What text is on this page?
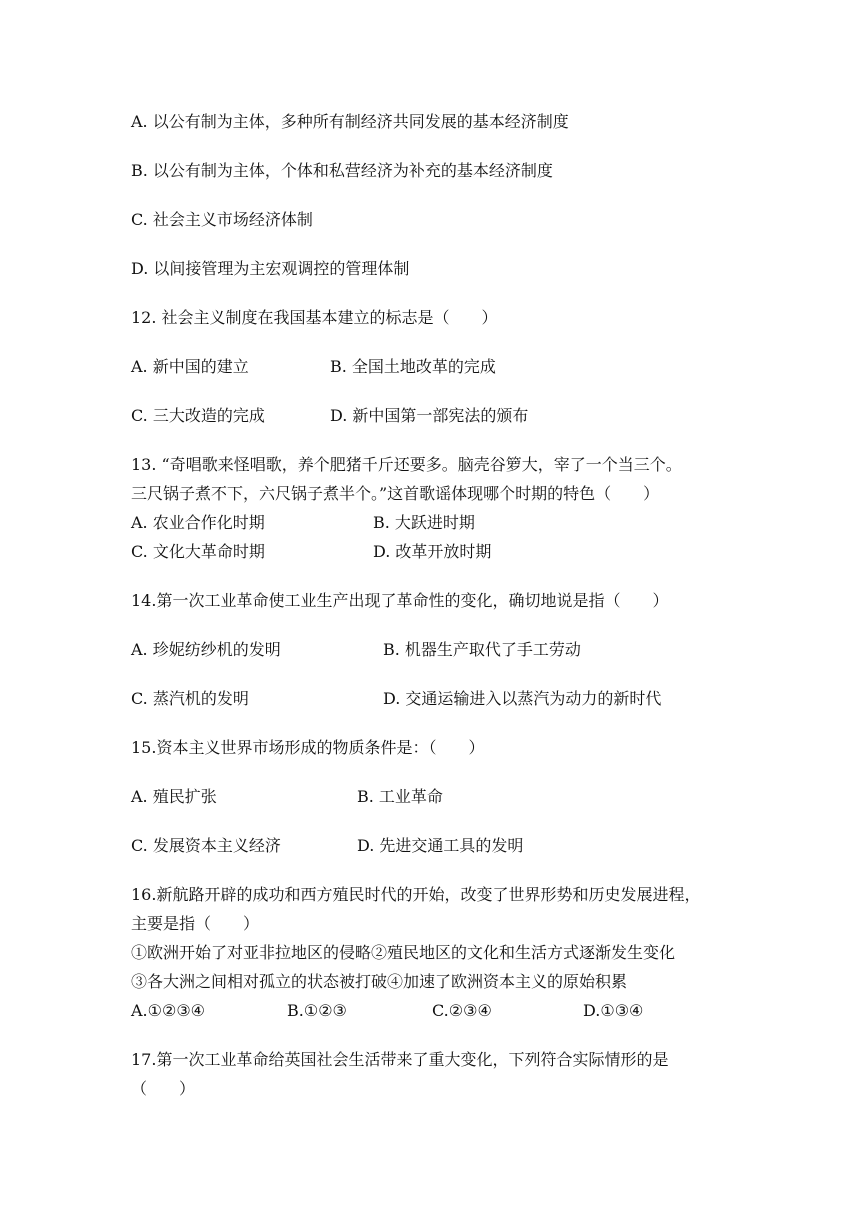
A. 以公有制为主体，多种所有制经济共同发展的基本经济制度
B. 以公有制为主体，个体和私营经济为补充的基本经济制度
C. 社会主义市场经济体制
D. 以间接管理为主宏观调控的管理体制
12. 社会主义制度在我国基本建立的标志是（　　）
A. 新中国的建立	B. 全国土地改革的完成
C. 三大改造的完成	D. 新中国第一部宪法的颁布
13. “奇唱歌来怪唱歌，养个肥猪千斤还要多。脑壳谷箩大，宰了一个当三个。
三尺锅子煮不下，六尺锅子煮半个。”这首歌谣体现哪个时期的特色（　　）
A. 农业合作化时期	B. 大跃进时期
C. 文化大革命时期	D. 改革开放时期
14.第一次工业革命使工业生产出现了革命性的变化，确切地说是指（　　）
A. 珍妮纺纱机的发明	B. 机器生产取代了手工劳动
C. 蒸汽机的发明	D. 交通运输进入以蒸汽为动力的新时代
15.资本主义世界市场形成的物质条件是：（　　）
A. 殖民扩张	B. 工业革命
C. 发展资本主义经济	D. 先进交通工具的发明
16.新航路开辟的成功和西方殖民时代的开始，改变了世界形势和历史发展进程，
主要是指（　　）
①欧洲开始了对亚非拉地区的侵略②殖民地区的文化和生活方式逐渐发生变化
③各大洲之间相对孤立的状态被打破④加速了欧洲资本主义的原始积累
A.①②③④	B.①②③	C.②③④	D.①③④
17.第一次工业革命给英国社会生活带来了重大变化，下列符合实际情形的是
（　　）
